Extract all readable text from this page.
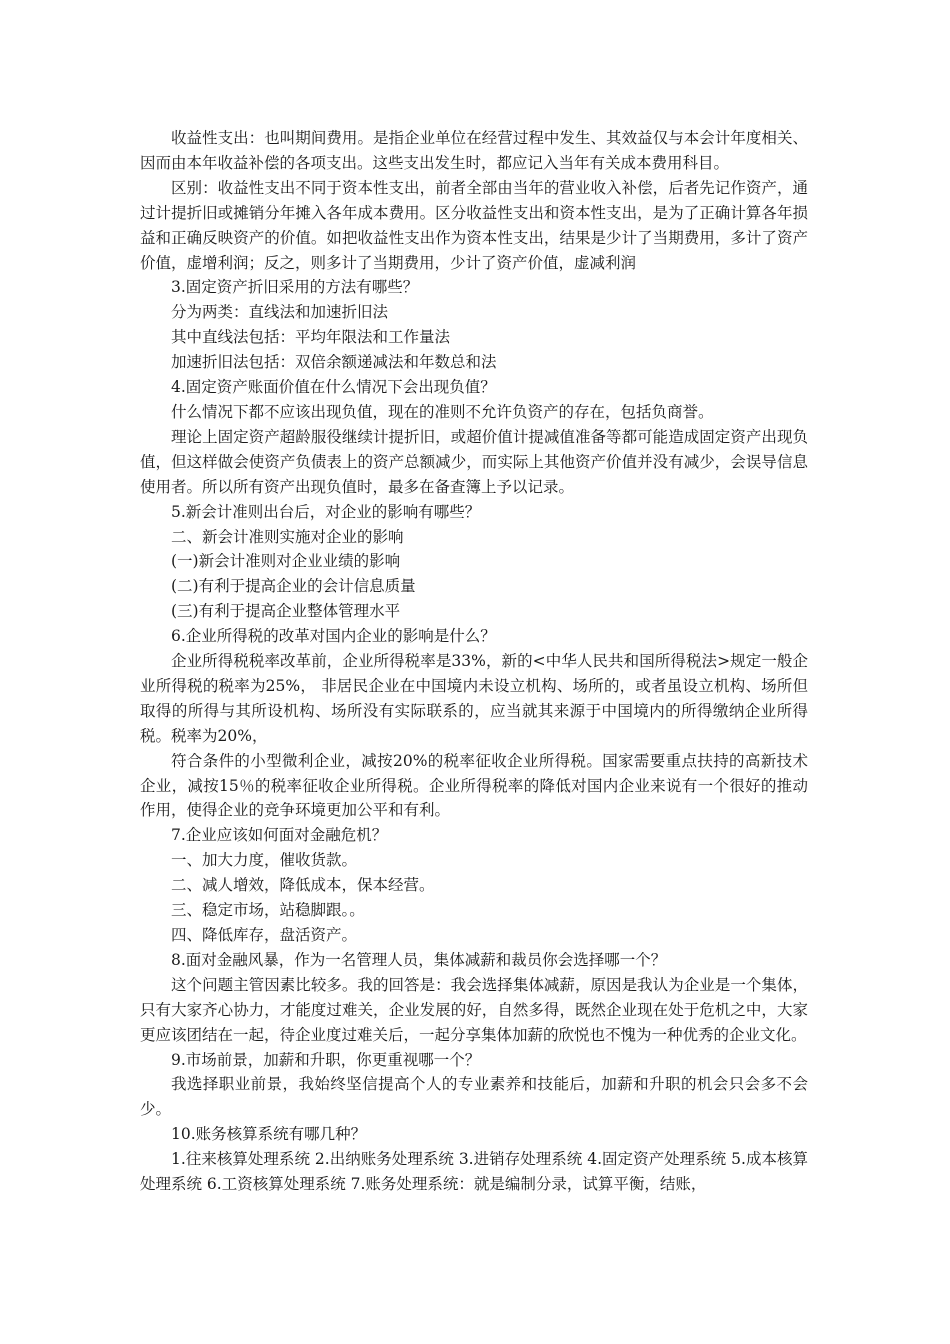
收益性支出：也叫期间费用。是指企业单位在经营过程中发生、其效益仅与本会计年度相关、因而由本年收益补偿的各项支出。这些支出发生时，都应记入当年有关成本费用科目。

区别：收益性支出不同于资本性支出，前者全部由当年的营业收入补偿，后者先记作资产，通过计提折旧或摊销分年摊入各年成本费用。区分收益性支出和资本性支出，是为了正确计算各年损益和正确反映资产的价值。如把收益性支出作为资本性支出，结果是少计了当期费用，多计了资产价值，虚增利润；反之，则多计了当期费用，少计了资产价值，虚减利润

3.固定资产折旧采用的方法有哪些？

分为两类：直线法和加速折旧法

其中直线法包括：平均年限法和工作量法

加速折旧法包括：双倍余额递减法和年数总和法

4.固定资产账面价值在什么情况下会出现负值？

什么情况下都不应该出现负值，现在的准则不允许负资产的存在，包括负商誉。

理论上固定资产超龄服役继续计提折旧，或超价值计提减值准备等都可能造成固定资产出现负值，但这样做会使资产负债表上的资产总额减少，而实际上其他资产价值并没有减少，会误导信息使用者。所以所有资产出现负值时，最多在备查簿上予以记录。

5.新会计准则出台后，对企业的影响有哪些？

二、新会计准则实施对企业的影响

(一)新会计准则对企业业绩的影响

(二)有利于提高企业的会计信息质量

(三)有利于提高企业整体管理水平

6.企业所得税的改革对国内企业的影响是什么？

企业所得税税率改革前，企业所得税率是33%，新的<中华人民共和国所得税法>规定一般企业所得税的税率为25%， 非居民企业在中国境内未设立机构、场所的，或者虽设立机构、场所但取得的所得与其所设机构、场所没有实际联系的，应当就其来源于中国境内的所得缴纳企业所得税。税率为20%，

符合条件的小型微利企业，减按20%的税率征收企业所得税。国家需要重点扶持的高新技术企业，减按15％的税率征收企业所得税。企业所得税率的降低对国内企业来说有一个很好的推动作用，使得企业的竞争环境更加公平和有利。

7.企业应该如何面对金融危机？

一、加大力度，催收货款。

二、减人增效，降低成本，保本经营。

三、稳定市场，站稳脚跟。。

四、降低库存，盘活资产。

8.面对金融风暴，作为一名管理人员，集体减薪和裁员你会选择哪一个？

这个问题主管因素比较多。我的回答是：我会选择集体减薪，原因是我认为企业是一个集体，只有大家齐心协力，才能度过难关，企业发展的好，自然多得，既然企业现在处于危机之中，大家更应该团结在一起，待企业度过难关后，一起分享集体加薪的欣悦也不愧为一种优秀的企业文化。

9.市场前景，加薪和升职，你更重视哪一个？

我选择职业前景，我始终坚信提高个人的专业素养和技能后，加薪和升职的机会只会多不会少。

10.账务核算系统有哪几种？

1.往来核算处理系统 2.出纳账务处理系统 3.进销存处理系统 4.固定资产处理系统 5.成本核算处理系统 6.工资核算处理系统 7.账务处理系统：就是编制分录，试算平衡，结账，
